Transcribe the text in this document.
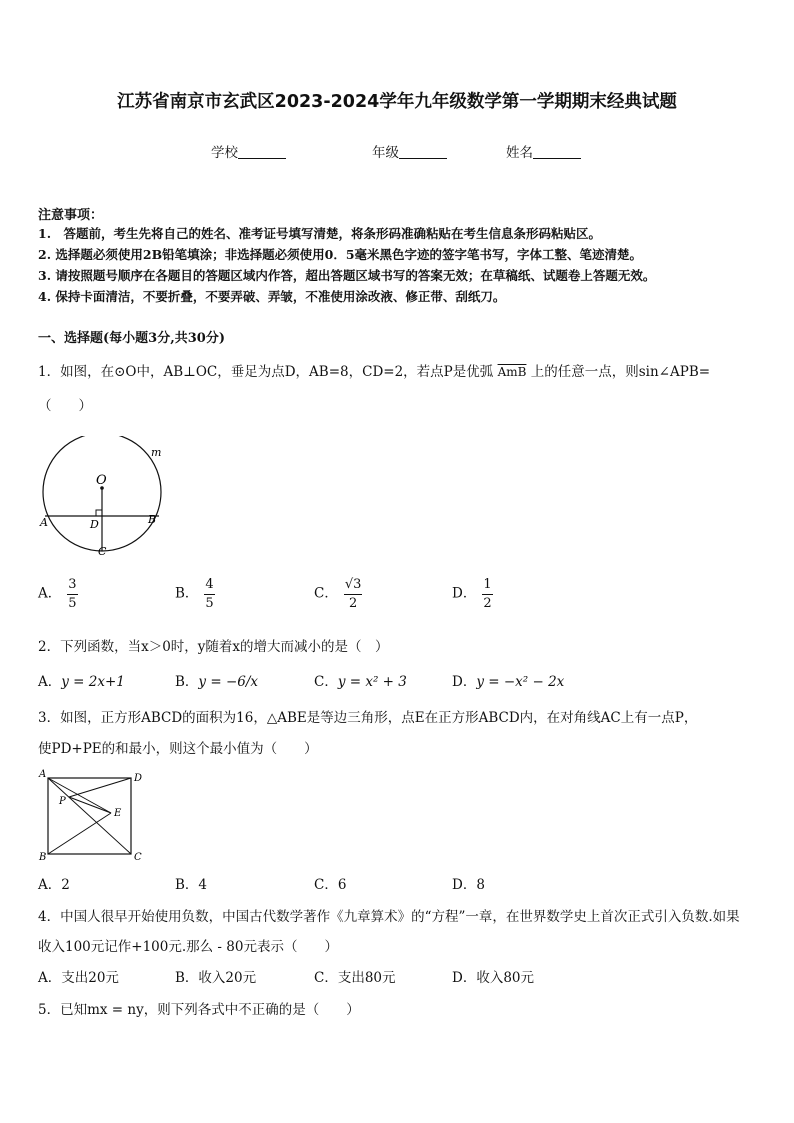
江苏省南京市玄武区2023-2024学年九年级数学第一学期期末经典试题
学校	年级	姓名
注意事项：
1.　答题前，考生先将自己的姓名、准考证号填写清楚，将条形码准确粘贴在考生信息条形码粘贴区。
2. 选择题必须使用2B铅笔填涂；非选择题必须使用0．5毫米黑色字迹的签字笔书写，字体工整、笔迹清楚。
3. 请按照题号顺序在各题目的答题区域内作答，超出答题区域书写的答案无效；在草稿纸、试题卷上答题无效。
4. 保持卡面清洁，不要折叠，不要弄破、弄皱，不准使用涂改液、修正带、刮纸刀。
一、选择题(每小题3分,共30分)
1．如图，在⊙O中，AB⊥OC，垂足为点D，AB=8，CD=2，若点P是优弧 $\overline{AmB}$ 上的任意一点，则sin∠APB=
（　　）
O
D
A	B
C
m
A． $\frac{3}{5}$	B． $\frac{4}{5}$	C． $\frac{√3}{2}$	D． $\frac{1}{2}$
2．下列函数，当x＞0时，y随着x的增大而减小的是（　）
A．y = 2x+1	B．y = −6/x	C．y = x² + 3	D．y = −x² − 2x
3．如图，正方形ABCD的面积为16，△ABE是等边三角形，点E在正方形ABCD内，在对角线AC上有一点P，
使PD+PE的和最小，则这个最小值为（　　）
A	D
B	C
P
E
A．2	B．4	C．6	D．8
4．中国人很早开始使用负数，中国古代数学著作《九章算术》的“方程”一章，在世界数学史上首次正式引入负数.如果
收入100元记作+100元.那么 - 80元表示（　　）
A．支出20元	B．收入20元	C．支出80元	D．收入80元
5．已知mx = ny，则下列各式中不正确的是（　　）
